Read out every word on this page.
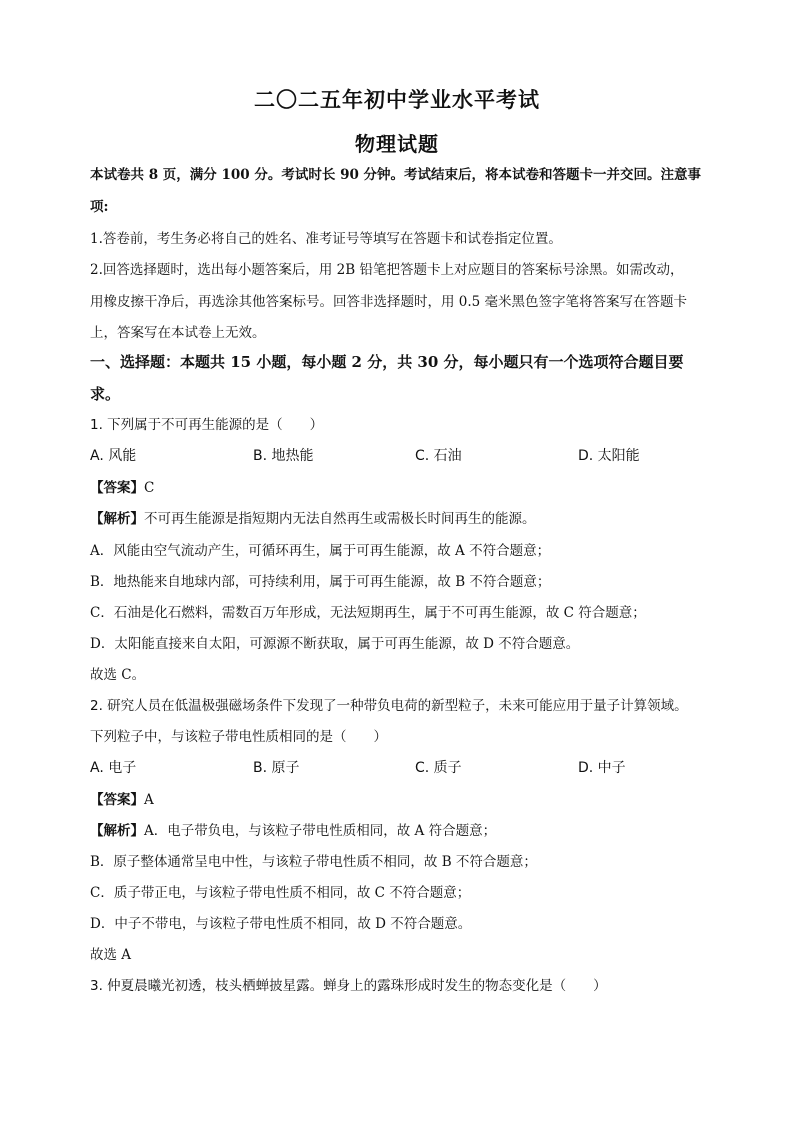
二〇二五年初中学业水平考试
物理试题
本试卷共 8 页，满分 100 分。考试时长 90 分钟。考试结束后，将本试卷和答题卡一并交回。注意事
项:
1.答卷前，考生务必将自己的姓名、准考证号等填写在答题卡和试卷指定位置。
2.回答选择题时，选出每小题答案后，用 2B 铅笔把答题卡上对应题目的答案标号涂黑。如需改动，
用橡皮擦干净后，再选涂其他答案标号。回答非选择题时，用 0.5 毫米黑色签字笔将答案写在答题卡
上，答案写在本试卷上无效。
一、选择题：本题共 15 小题，每小题 2 分，共 30 分，每小题只有一个选项符合题目要
求。
1. 下列属于不可再生能源的是（　　）
A. 风能	B. 地热能	C. 石油	D. 太阳能
【答案】C
【解析】不可再生能源是指短期内无法自然再生或需极长时间再生的能源。
A．风能由空气流动产生，可循环再生，属于可再生能源，故 A 不符合题意；
B．地热能来自地球内部，可持续利用，属于可再生能源，故 B 不符合题意；
C．石油是化石燃料，需数百万年形成，无法短期再生，属于不可再生能源，故 C 符合题意；
D．太阳能直接来自太阳，可源源不断获取，属于可再生能源，故 D 不符合题意。
故选 C。
2. 研究人员在低温极强磁场条件下发现了一种带负电荷的新型粒子，未来可能应用于量子计算领域。
下列粒子中，与该粒子带电性质相同的是（　　）
A. 电子	B. 原子	C. 质子	D. 中子
【答案】A
【解析】A．电子带负电，与该粒子带电性质相同，故 A 符合题意；
B．原子整体通常呈电中性，与该粒子带电性质不相同，故 B 不符合题意；
C．质子带正电，与该粒子带电性质不相同，故 C 不符合题意；
D．中子不带电，与该粒子带电性质不相同，故 D 不符合题意。
故选 A
3. 仲夏晨曦光初透，枝头栖蝉披星露。蝉身上的露珠形成时发生的物态变化是（　　）
